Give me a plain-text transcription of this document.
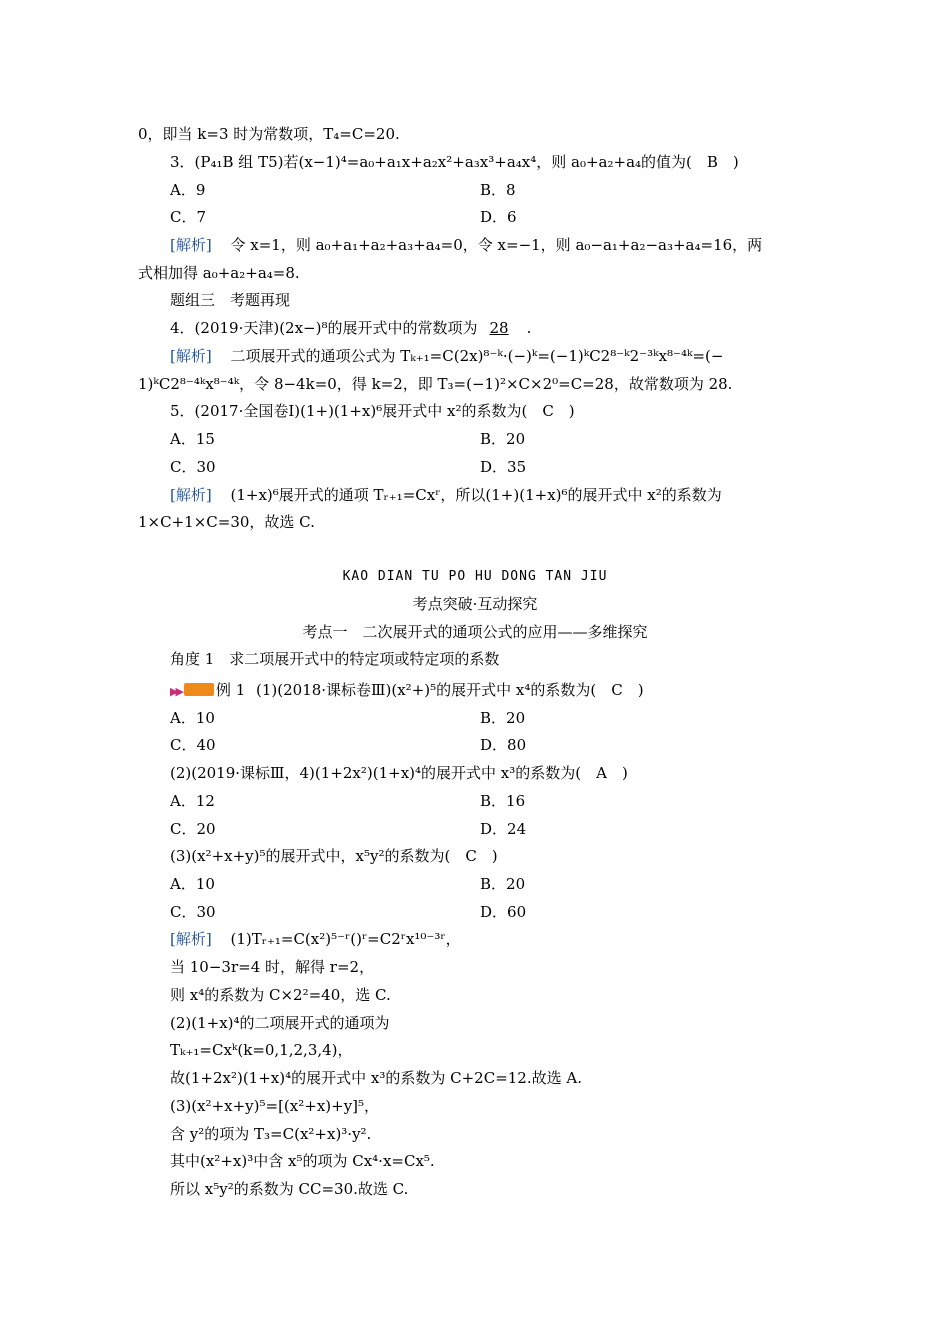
0，即当 k=3 时为常数项，T₄=C=20.
3．(P₄₁B 组 T5)若(x−1)⁴=a₀+a₁x+a₂x²+a₃x³+a₄x⁴，则 a₀+a₂+a₄的值为(　B　)
A．9	B．8
C．7	D．6
[解析] 令 x=1，则 a₀+a₁+a₂+a₃+a₄=0，令 x=−1，则 a₀−a₁+a₂−a₃+a₄=16，两
式相加得 a₀+a₂+a₄=8.
题组三　考题再现
4．(2019·天津)(2x−)⁸的展开式中的常数项为 28 .
[解析] 二项展开式的通项公式为 Tₖ₊₁=C(2x)⁸⁻ᵏ·(−)ᵏ=(−1)ᵏC2⁸⁻ᵏ2⁻³ᵏx⁸⁻⁴ᵏ=(−
1)ᵏC2⁸⁻⁴ᵏx⁸⁻⁴ᵏ，令 8−4k=0，得 k=2，即 T₃=(−1)²×C×2⁰=C=28，故常数项为 28.
5．(2017·全国卷Ⅰ)(1+)(1+x)⁶展开式中 x²的系数为(　C　)
A．15	B．20
C．30	D．35
[解析] (1+x)⁶展开式的通项 Tᵣ₊₁=Cxʳ，所以(1+)(1+x)⁶的展开式中 x²的系数为
1×C+1×C=30，故选 C.
KAO DIAN TU PO HU DONG TAN JIU
考点突破·互动探究
考点一　二次展开式的通项公式的应用——多维探究
角度 1　求二项展开式中的特定项或特定项的系数
▶▶ 例 1 (1)(2018·课标卷Ⅲ)(x²+)⁵的展开式中 x⁴的系数为(　C　)
A．10	B．20
C．40	D．80
(2)(2019·课标Ⅲ，4)(1+2x²)(1+x)⁴的展开式中 x³的系数为(　A　)
A．12	B．16
C．20	D．24
(3)(x²+x+y)⁵的展开式中，x⁵y²的系数为(　C　)
A．10	B．20
C．30	D．60
[解析] (1)Tᵣ₊₁=C(x²)⁵⁻ʳ()ʳ=C2ʳx¹⁰⁻³ʳ，
当 10−3r=4 时，解得 r=2，
则 x⁴的系数为 C×2²=40，选 C.
(2)(1+x)⁴的二项展开式的通项为
Tₖ₊₁=Cxᵏ(k=0,1,2,3,4)，
故(1+2x²)(1+x)⁴的展开式中 x³的系数为 C+2C=12.故选 A.
(3)(x²+x+y)⁵=[(x²+x)+y]⁵，
含 y²的项为 T₃=C(x²+x)³·y².
其中(x²+x)³中含 x⁵的项为 Cx⁴·x=Cx⁵.
所以 x⁵y²的系数为 CC=30.故选 C.
